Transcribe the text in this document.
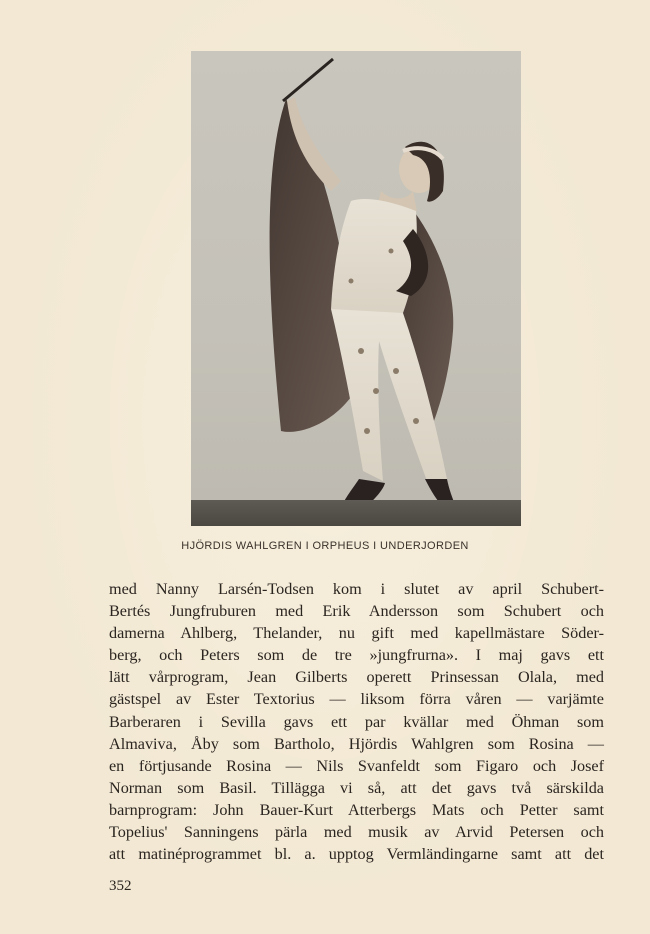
HJÖRDIS WAHLGREN I ORPHEUS I UNDERJORDEN
med Nanny Larsén-Todsen kom i slutet av april Schubert-
Bertés Jungfruburen med Erik Andersson som Schubert och
damerna Ahlberg, Thelander, nu gift med kapellmästare Söder-
berg, och Peters som de tre »jungfrurna». I maj gavs ett
lätt vårprogram, Jean Gilberts operett Prinsessan Olala, med
gästspel av Ester Textorius — liksom förra våren — varjämte
Barberaren i Sevilla gavs ett par kvällar med Öhman som
Almaviva, Åby som Bartholo, Hjördis Wahlgren som Rosina —
en förtjusande Rosina — Nils Svanfeldt som Figaro och Josef
Norman som Basil. Tillägga vi så, att det gavs två särskilda
barnprogram: John Bauer-Kurt Atterbergs Mats och Petter samt
Topelius' Sanningens pärla med musik av Arvid Petersen och
att matinéprogrammet bl. a. upptog Vermländingarne samt att det
352
